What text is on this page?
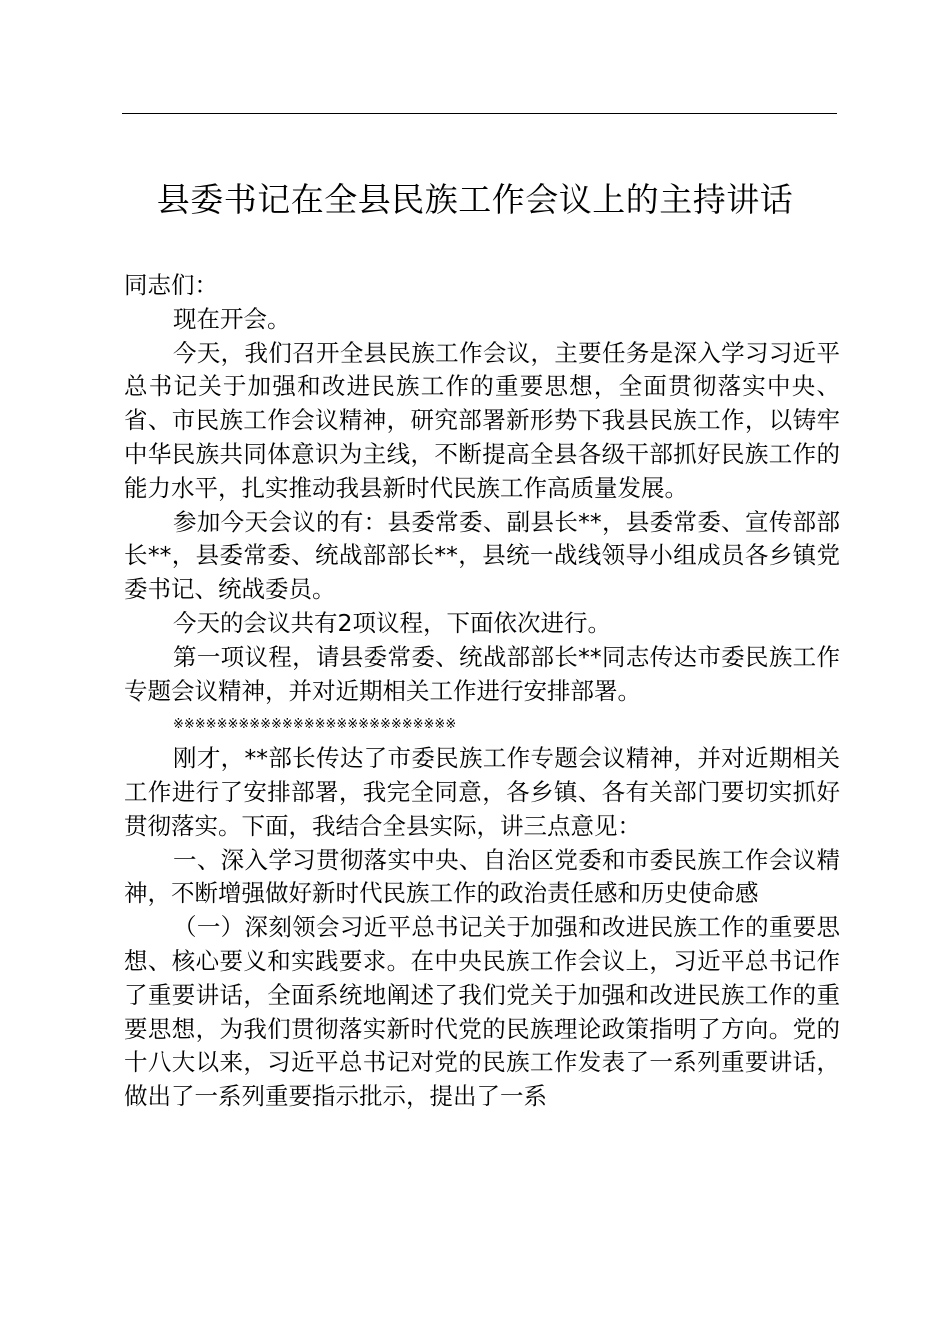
县委书记在全县民族工作会议上的主持讲话

同志们：

现在开会。

今天，我们召开全县民族工作会议，主要任务是深入学习习近平总书记关于加强和改进民族工作的重要思想，全面贯彻落实中央、省、市民族工作会议精神，研究部署新形势下我县民族工作，以铸牢中华民族共同体意识为主线，不断提高全县各级干部抓好民族工作的能力水平，扎实推动我县新时代民族工作高质量发展。

参加今天会议的有：县委常委、副县长**，县委常委、宣传部部长**，县委常委、统战部部长**，县统一战线领导小组成员各乡镇党委书记、统战委员。

今天的会议共有2项议程，下面依次进行。

第一项议程，请县委常委、统战部部长**同志传达市委民族工作专题会议精神，并对近期相关工作进行安排部署。

※※※※※※※※※※※※※※※※※※※※※※※※※※

刚才，**部长传达了市委民族工作专题会议精神，并对近期相关工作进行了安排部署，我完全同意，各乡镇、各有关部门要切实抓好贯彻落实。下面，我结合全县实际，讲三点意见：

一、深入学习贯彻落实中央、自治区党委和市委民族工作会议精神，不断增强做好新时代民族工作的政治责任感和历史使命感

（一）深刻领会习近平总书记关于加强和改进民族工作的重要思想、核心要义和实践要求。在中央民族工作会议上，习近平总书记作了重要讲话，全面系统地阐述了我们党关于加强和改进民族工作的重要思想，为我们贯彻落实新时代党的民族理论政策指明了方向。党的十八大以来，习近平总书记对党的民族工作发表了一系列重要讲话，做出了一系列重要指示批示，提出了一系
